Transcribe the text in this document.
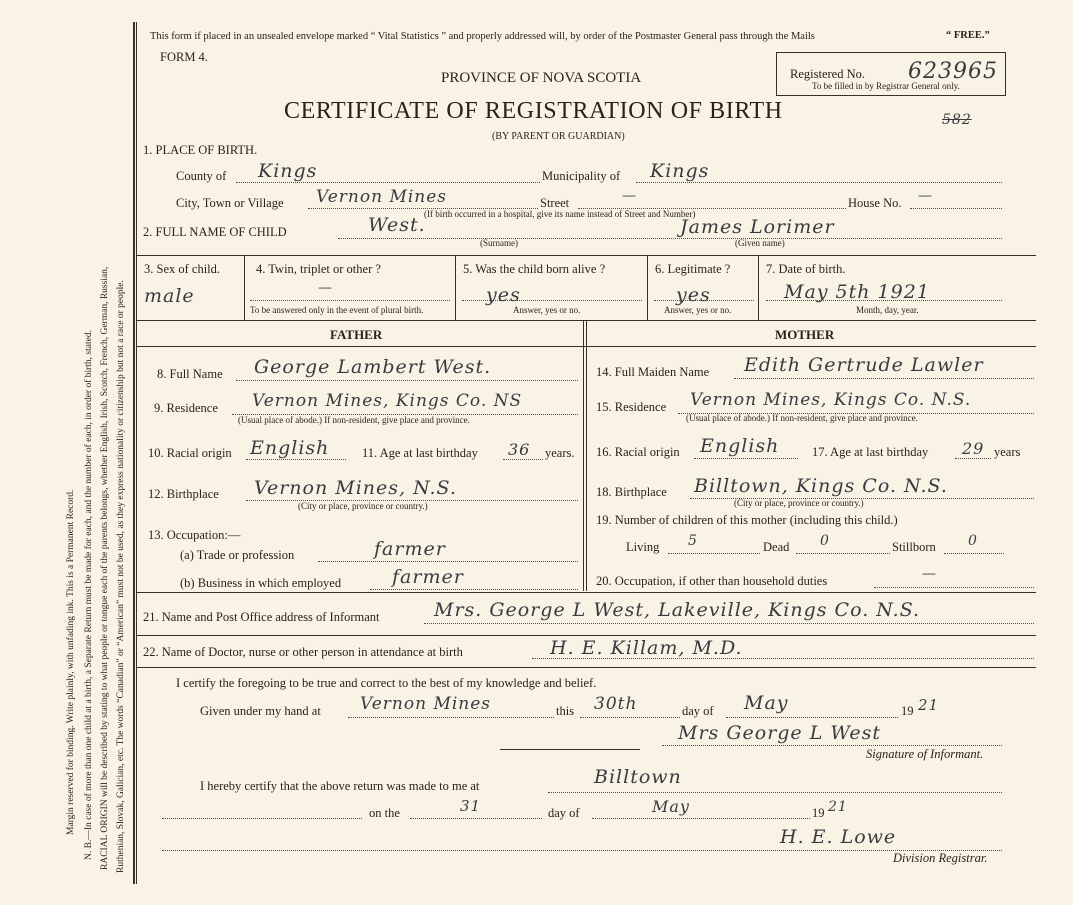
Margin reserved for binding. Write plainly, with unfading ink. This is a Permanent Record. N. B.—In case of more than one child at a birth, a Separate Return must be made for each, and the number of each, in order of birth, stated. RACIAL ORIGIN will be described by stating to what people or tongue each of the parents belongs, whether English, Irish, Scotch, French, German, Russian, Ruthenian, Slovak, Galician, etc. The words “Canadian” or “American” must not be used, as they express nationality or citizenship but not a race or people.
This form if placed in an unsealed envelope marked “ Vital Statistics ” and properly addressed will, by order of the Postmaster General pass through the Mails	“ FREE.”
FORM 4.
PROVINCE OF NOVA SCOTIA
CERTIFICATE OF REGISTRATION OF BIRTH
(BY PARENT OR GUARDIAN)
Registered No. 623965
To be filled in by Registrar General only.
582
1. PLACE OF BIRTH.
County of Kings	Municipality of Kings
City, Town or Village Vernon Mines	Street	—	House No. —
(If birth occurred in a hospital, give its name instead of Street and Number)
2. FULL NAME OF CHILD	West.
(Surname)
James Lorimer
(Given name)
3. Sex of child.
male
4. Twin, triplet or other ?
—
To be answered only in the event of plural birth.
5. Was the child born alive ?
yes
Answer, yes or no.
6. Legitimate ?
yes
Answer, yes or no.
7. Date of birth.
May 5th 1921
Month, day, year.
FATHER	MOTHER
8. Full Name George Lambert West.
9. Residence Vernon Mines, Kings Co. NS
(Usual place of abode.) If non-resident, give place and province.
10. Racial origin English	11. Age at last birthday 36 years.
12. Birthplace Vernon Mines, N.S.
(City or place, province or country.)
13. Occupation:—
(a) Trade or profession	farmer
(b) Business in which employed	farmer
14. Full Maiden Name Edith Gertrude Lawler
15. Residence Vernon Mines, Kings Co. N.S.
(Usual place of abode.) If non-resident, give place and province.
16. Racial origin English	17. Age at last birthday 29 years
18. Birthplace Billtown, Kings Co. N.S.
(City or place, province or country.)
19. Number of children of this mother (including this child.)
Living 5	Dead 0	Stillborn 0
20. Occupation, if other than household duties	—
21. Name and Post Office address of Informant	Mrs. George L West, Lakeville, Kings Co. N.S.
22. Name of Doctor, nurse or other person in attendance at birth	H. E. Killam, M.D.
I certify the foregoing to be true and correct to the best of my knowledge and belief.
Given under my hand at Vernon Mines	this 30th	day of May	19 21
Mrs George L West
Signature of Informant.
I hereby certify that the above return was made to me at	Billtown
on the	31	day of	May	19 21
H. E. Lowe
Division Registrar.
